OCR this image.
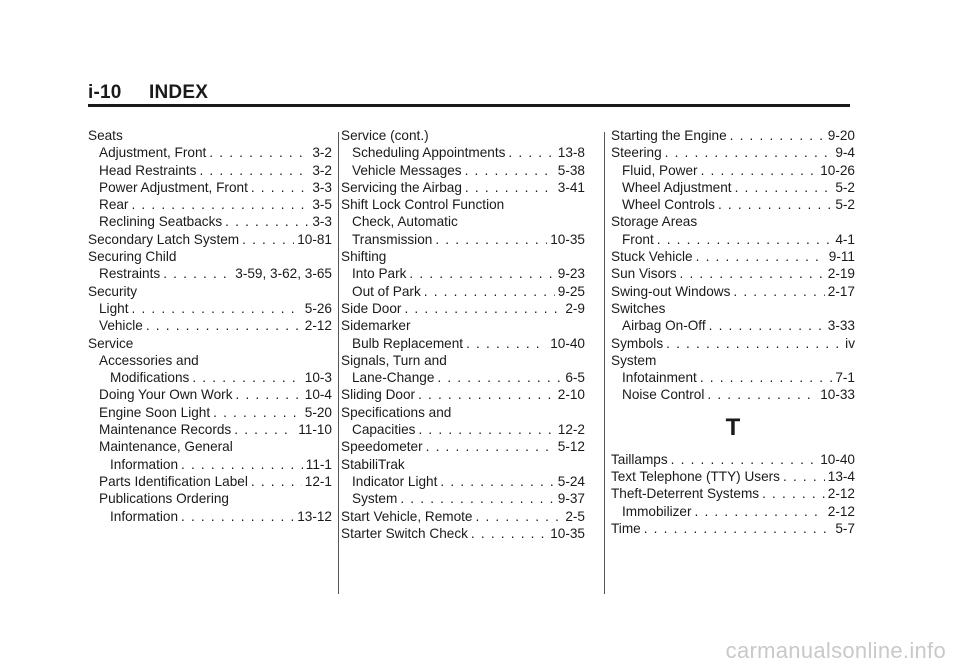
i-10 INDEX
Seats
Adjustment, Front . . .	3-2
Head Restraints . . .	3-2
Power Adjustment, Front . . .	3-3
Rear . . .	3-5
Reclining Seatbacks . . .	3-3
Secondary Latch System . . .	10-81
Securing Child
Restraints . . .	3-59, 3-62, 3-65
Security
Light . . .	5-26
Vehicle . . .	2-12
Service
Accessories and
Modifications . . .	10-3
Doing Your Own Work . . .	10-4
Engine Soon Light . . .	5-20
Maintenance Records . . .	11-10
Maintenance, General
Information . . .	11-1
Parts Identification Label . . .	12-1
Publications Ordering
Information . . .	13-12
Service (cont.)
Scheduling Appointments . . .	13-8
Vehicle Messages . . .	5-38
Servicing the Airbag . . .	3-41
Shift Lock Control Function
Check, Automatic
Transmission . . .	10-35
Shifting
Into Park . . .	9-23
Out of Park . . .	9-25
Side Door . . .	2-9
Sidemarker
Bulb Replacement . . .	10-40
Signals, Turn and
Lane-Change . . .	6-5
Sliding Door . . .	2-10
Specifications and
Capacities . . .	12-2
Speedometer . . .	5-12
StabiliTrak
Indicator Light . . .	5-24
System . . .	9-37
Start Vehicle, Remote . . .	2-5
Starter Switch Check . . .	10-35
Starting the Engine . . .	9-20
Steering . . .	9-4
Fluid, Power . . .	10-26
Wheel Adjustment . . .	5-2
Wheel Controls . . .	5-2
Storage Areas
Front . . .	4-1
Stuck Vehicle . . .	9-11
Sun Visors . . .	2-19
Swing-out Windows . . .	2-17
Switches
Airbag On-Off . . .	3-33
Symbols . . .	iv
System
Infotainment . . .	7-1
Noise Control . . .	10-33
T
Taillamps . . .	10-40
Text Telephone (TTY) Users . . .	13-4
Theft-Deterrent Systems . . .	2-12
Immobilizer . . .	2-12
Time . . .	5-7
carmanualsonline.info
